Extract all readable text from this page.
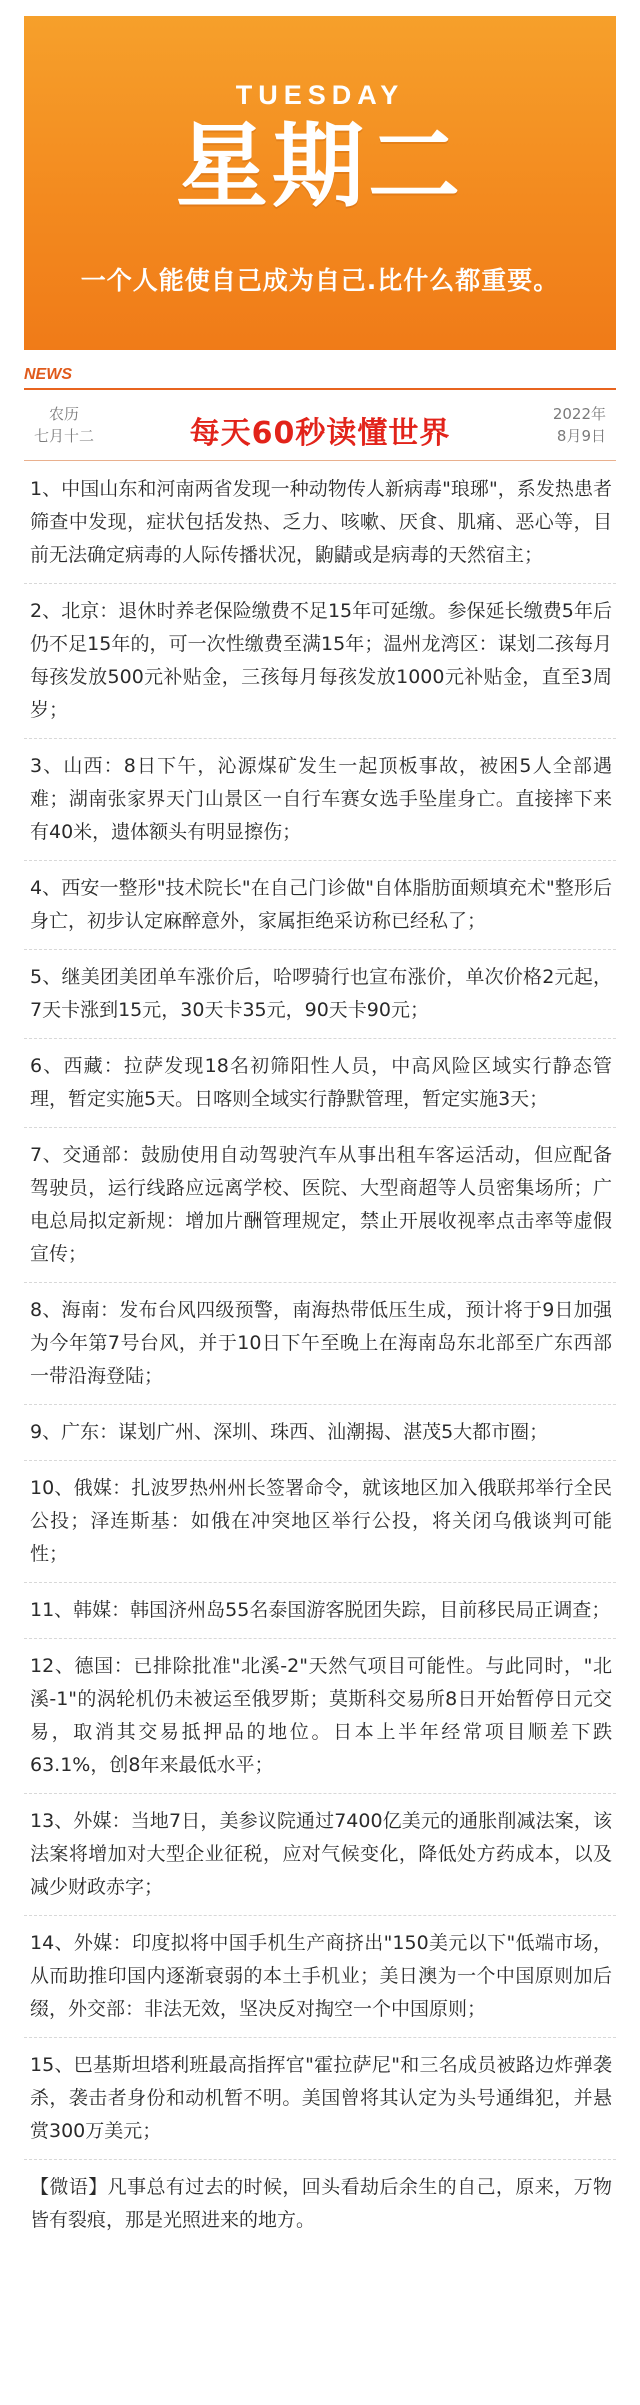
TUESDAY
星期二
一个人能使自己成为自己.比什么都重要。
NEWS
农历
七月十二	每天60秒读懂世界
2022年
8月9日

1、中国山东和河南两省发现一种动物传人新病毒"琅琊"，系发热患者筛查中发现，症状包括发热、乏力、咳嗽、厌食、肌痛、恶心等，目前无法确定病毒的人际传播状况，鼩鼱或是病毒的天然宿主；

2、北京：退休时养老保险缴费不足15年可延缴。参保延长缴费5年后仍不足15年的，可一次性缴费至满15年；温州龙湾区：谋划二孩每月每孩发放500元补贴金，三孩每月每孩发放1000元补贴金，直至3周岁；

3、山西：8日下午，沁源煤矿发生一起顶板事故，被困5人全部遇难；湖南张家界天门山景区一自行车赛女选手坠崖身亡。直接摔下来有40米，遗体额头有明显擦伤；

4、西安一整形"技术院长"在自己门诊做"自体脂肪面颊填充术"整形后身亡，初步认定麻醉意外，家属拒绝采访称已经私了；

5、继美团美团单车涨价后，哈啰骑行也宣布涨价，单次价格2元起，7天卡涨到15元，30天卡35元，90天卡90元；

6、西藏：拉萨发现18名初筛阳性人员，中高风险区域实行静态管理，暂定实施5天。日喀则全域实行静默管理，暂定实施3天；

7、交通部：鼓励使用自动驾驶汽车从事出租车客运活动，但应配备驾驶员，运行线路应远离学校、医院、大型商超等人员密集场所；广电总局拟定新规：增加片酬管理规定，禁止开展收视率点击率等虚假宣传；

8、海南：发布台风四级预警，南海热带低压生成，预计将于9日加强为今年第7号台风，并于10日下午至晚上在海南岛东北部至广东西部一带沿海登陆；

9、广东：谋划广州、深圳、珠西、汕潮揭、湛茂5大都市圈；

10、俄媒：扎波罗热州州长签署命令，就该地区加入俄联邦举行全民公投；泽连斯基：如俄在冲突地区举行公投，将关闭乌俄谈判可能性；

11、韩媒：韩国济州岛55名泰国游客脱团失踪，目前移民局正调查；

12、德国：已排除批准"北溪-2"天然气项目可能性。与此同时，"北溪-1"的涡轮机仍未被运至俄罗斯；莫斯科交易所8日开始暂停日元交易，取消其交易抵押品的地位。日本上半年经常项目顺差下跌63.1%，创8年来最低水平；

13、外媒：当地7日，美参议院通过7400亿美元的通胀削减法案，该法案将增加对大型企业征税，应对气候变化，降低处方药成本，以及减少财政赤字；

14、外媒：印度拟将中国手机生产商挤出"150美元以下"低端市场，从而助推印国内逐渐衰弱的本土手机业；美日澳为一个中国原则加后缀，外交部：非法无效，坚决反对掏空一个中国原则；

15、巴基斯坦塔利班最高指挥官"霍拉萨尼"和三名成员被路边炸弹袭杀，袭击者身份和动机暂不明。美国曾将其认定为头号通缉犯，并悬赏300万美元；

【微语】凡事总有过去的时候，回头看劫后余生的自己，原来，万物皆有裂痕，那是光照进来的地方。
